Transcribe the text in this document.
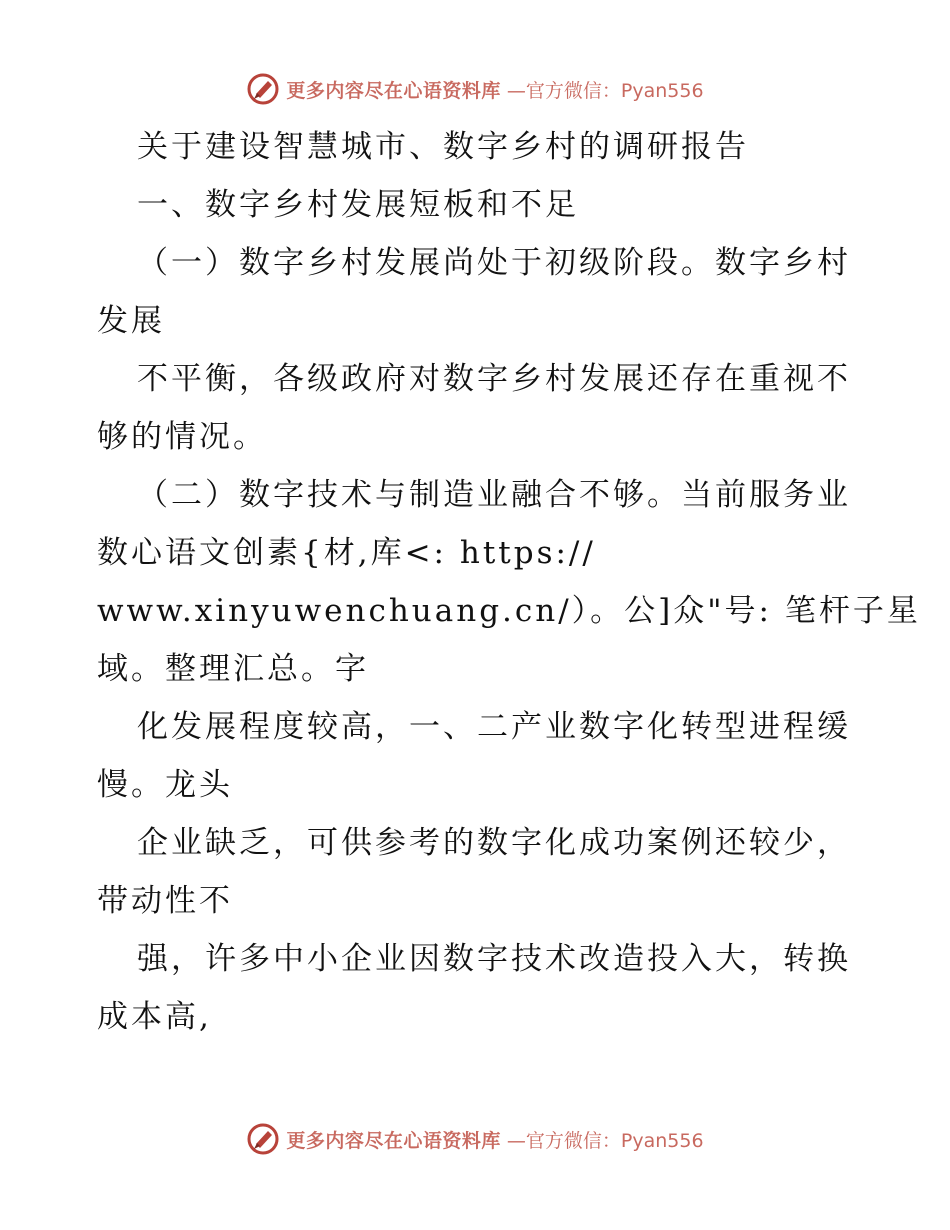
更多内容尽在心语资料库 —官方微信：Pyan556
关于建设智慧城市、数字乡村的调研报告
一、数字乡村发展短板和不足
（一）数字乡村发展尚处于初级阶段。数字乡村
发展
不平衡，各级政府对数字乡村发展还存在重视不
够的情况。
（二）数字技术与制造业融合不够。当前服务业
数心语文创素{材,库<: https://
www.xinyuwenchuang.cn/）。公]众"号: 笔杆子星
域。整理汇总。字
化发展程度较高，一、二产业数字化转型进程缓
慢。龙头
企业缺乏，可供参考的数字化成功案例还较少，
带动性不
强，许多中小企业因数字技术改造投入大，转换
成本高,
更多内容尽在心语资料库 —官方微信：Pyan556
